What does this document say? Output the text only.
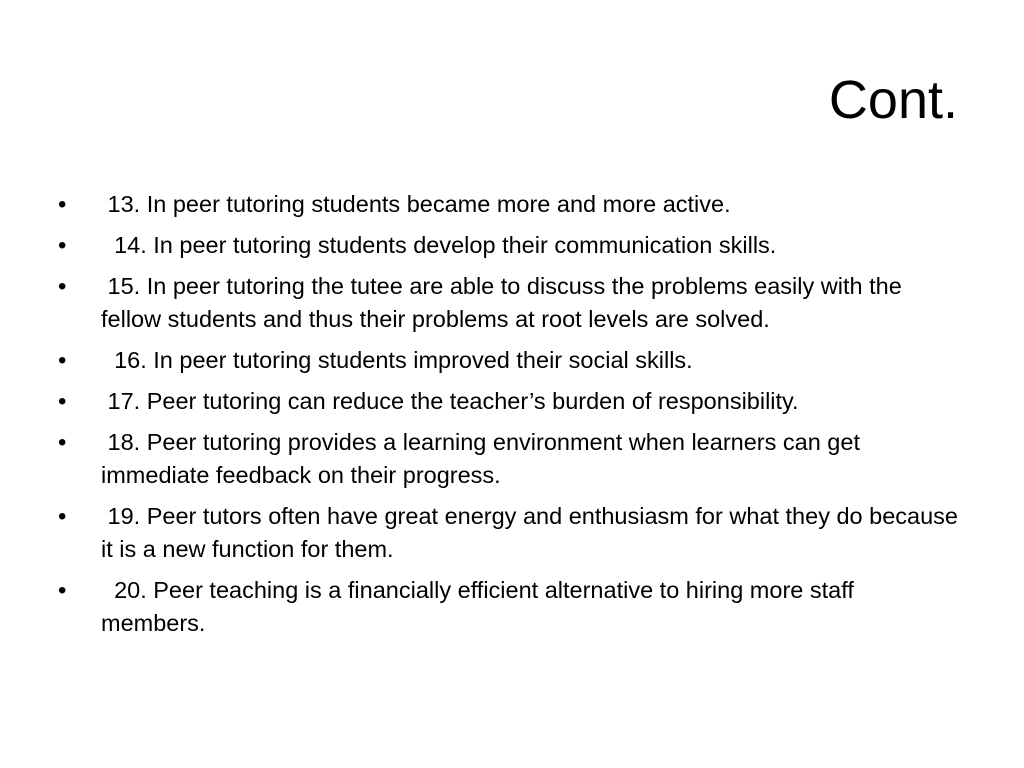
Cont.
•	13. In peer tutoring students became more and more active.
•	14. In peer tutoring students develop their communication skills.
•	15. In peer tutoring the tutee are able to discuss the problems easily with the fellow students and thus their problems at root levels are solved.
•	16. In peer tutoring students improved their social skills.
•	17. Peer tutoring can reduce the teacher’s burden of responsibility.
•	18. Peer tutoring provides a learning environment when learners can get immediate feedback on their progress.
•	19. Peer tutors often have great energy and enthusiasm for what they do because it is a new function for them.
•	20. Peer teaching is a financially efficient alternative to hiring more staff members.
